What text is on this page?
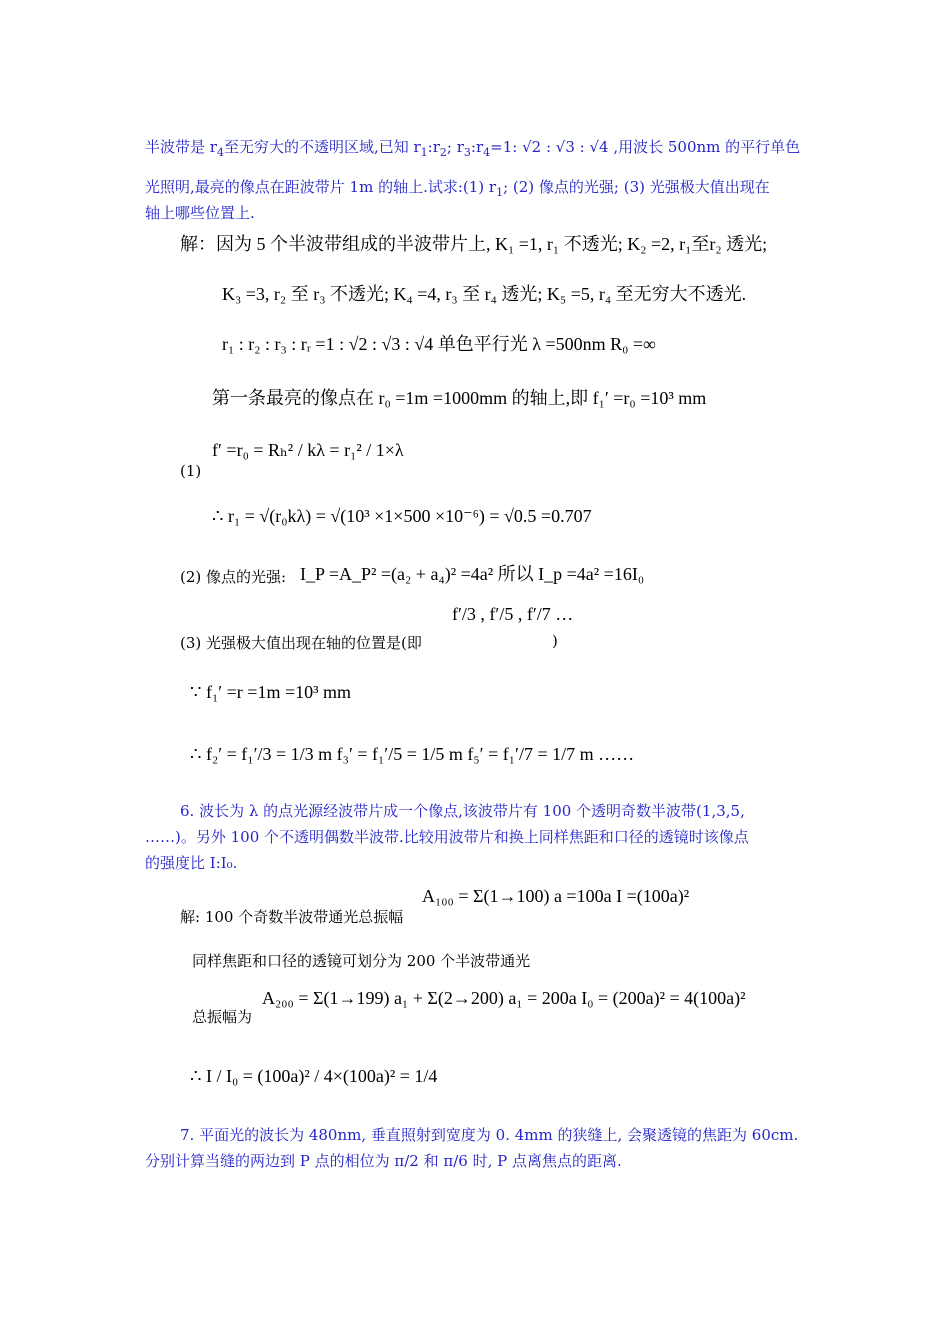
半波带是 $r_4$至无穷大的不透明区域,已知 $r_1:r_2$; $r_3:r_4=1$: √2 : √3 : √4 ,用波长 500nm 的平行单色
光照明,最亮的像点在距波带片 1m 的轴上.试求:(1) $r_1$; (2) 像点的光强; (3) 光强极大值出现在
轴上哪些位置上.
解：因为 5 个半波带组成的半波带片上, K₁ =1, r₁ 不透光; K₂ =2, r₁至r₂ 透光;
K₃ =3, r₂ 至 r₃ 不透光; K₄ =4, r₃ 至 r₄ 透光; K₅ =5, r₄ 至无穷大不透光.
r₁ : r₂ : r₃ : rᵣ =1 : √2 : √3 : √4 单色平行光 λ =500nm R₀ =∞
第一条最亮的像点在 r₀ =1m =1000mm 的轴上,即 f₁′ =r₀ =10³ mm
(1)
f′ =r₀ = Rₕ² / kλ = r₁² / 1×λ
∴ r₁ = √(r₀kλ) = √(10³ ×1×500 ×10⁻⁶) = √0.5 =0.707
(2) 像点的光强: I_P =A_P² =(a₂ + a₄)² =4a² 所以 I_p =4a² =16I₀
(3) 光强极大值出现在轴的位置是(即
f′/3 , f′/5 , f′/7 …
)
∵ f₁′ =r =1m =10³ mm
∴ f₂′ = f₁′/3 = 1/3 m f₃′ = f₁′/5 = 1/5 m f₅′ = f₁′/7 = 1/7 m ……
6. 波长为 λ 的点光源经波带片成一个像点,该波带片有 100 个透明奇数半波带(1,3,5,
……)。另外 100 个不透明偶数半波带.比较用波带片和换上同样焦距和口径的透镜时该像点
的强度比 I:I₀.
解: 100 个奇数半波带通光总振幅
A₁₀₀ = Σ(1→100) a =100a I =(100a)²
同样焦距和口径的透镜可划分为 200 个半波带通光
总振幅为
A₂₀₀ = Σ(1→199) a₁ + Σ(2→200) a₁ = 200a I₀ = (200a)² = 4(100a)²
∴ I / I₀ = (100a)² / 4×(100a)² = 1/4
7. 平面光的波长为 480nm, 垂直照射到宽度为 0. 4mm 的狭缝上, 会聚透镜的焦距为 60cm.
分别计算当缝的两边到 P 点的相位为 π/2 和 π/6 时, P 点离焦点的距离.
